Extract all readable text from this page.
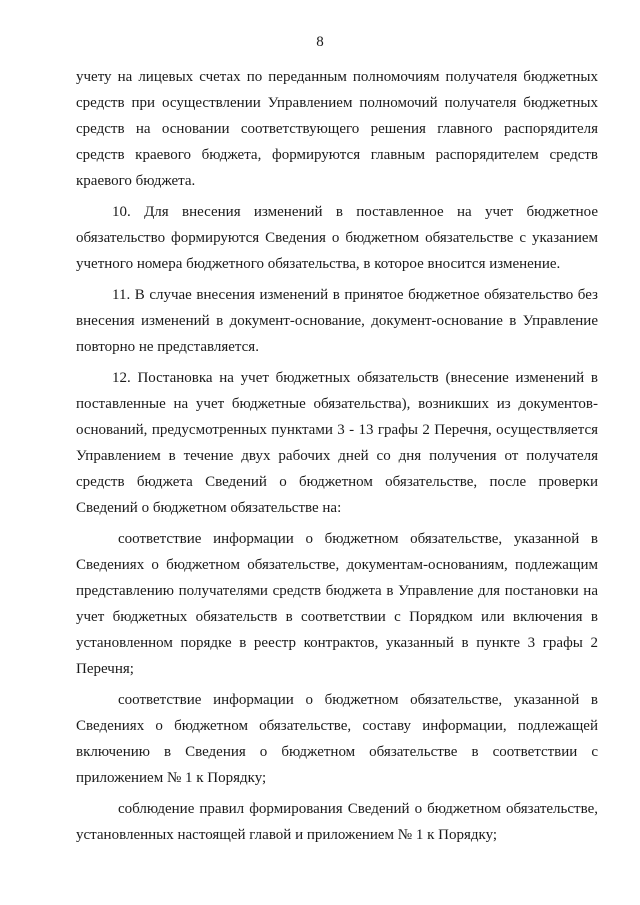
8

учету на лицевых счетах по переданным полномочиям получателя бюджетных средств при осуществлении Управлением полномочий получателя бюджетных средств на основании соответствующего решения главного распорядителя средств краевого бюджета, формируются главным распорядителем средств краевого бюджета.

10. Для внесения изменений в поставленное на учет бюджетное обязательство формируются Сведения о бюджетном обязательстве с указанием учетного номера бюджетного обязательства, в которое вносится изменение.

11. В случае внесения изменений в принятое бюджетное обязательство без внесения изменений в документ-основание, документ-основание в Управление повторно не представляется.

12. Постановка на учет бюджетных обязательств (внесение изменений в поставленные на учет бюджетные обязательства), возникших из документов-оснований, предусмотренных пунктами 3 - 13 графы 2 Перечня, осуществляется Управлением в течение двух рабочих дней со дня получения от получателя средств бюджета Сведений о бюджетном обязательстве, после проверки Сведений о бюджетном обязательстве на:

соответствие информации о бюджетном обязательстве, указанной в Сведениях о бюджетном обязательстве, документам-основаниям, подлежащим представлению получателями средств бюджета в Управление для постановки на учет бюджетных обязательств в соответствии с Порядком или включения в установленном порядке в реестр контрактов, указанный в пункте 3 графы 2 Перечня;

соответствие информации о бюджетном обязательстве, указанной в Сведениях о бюджетном обязательстве, составу информации, подлежащей включению в Сведения о бюджетном обязательстве в соответствии с приложением № 1 к Порядку;

соблюдение правил формирования Сведений о бюджетном обязательстве, установленных настоящей главой и приложением № 1 к Порядку;
